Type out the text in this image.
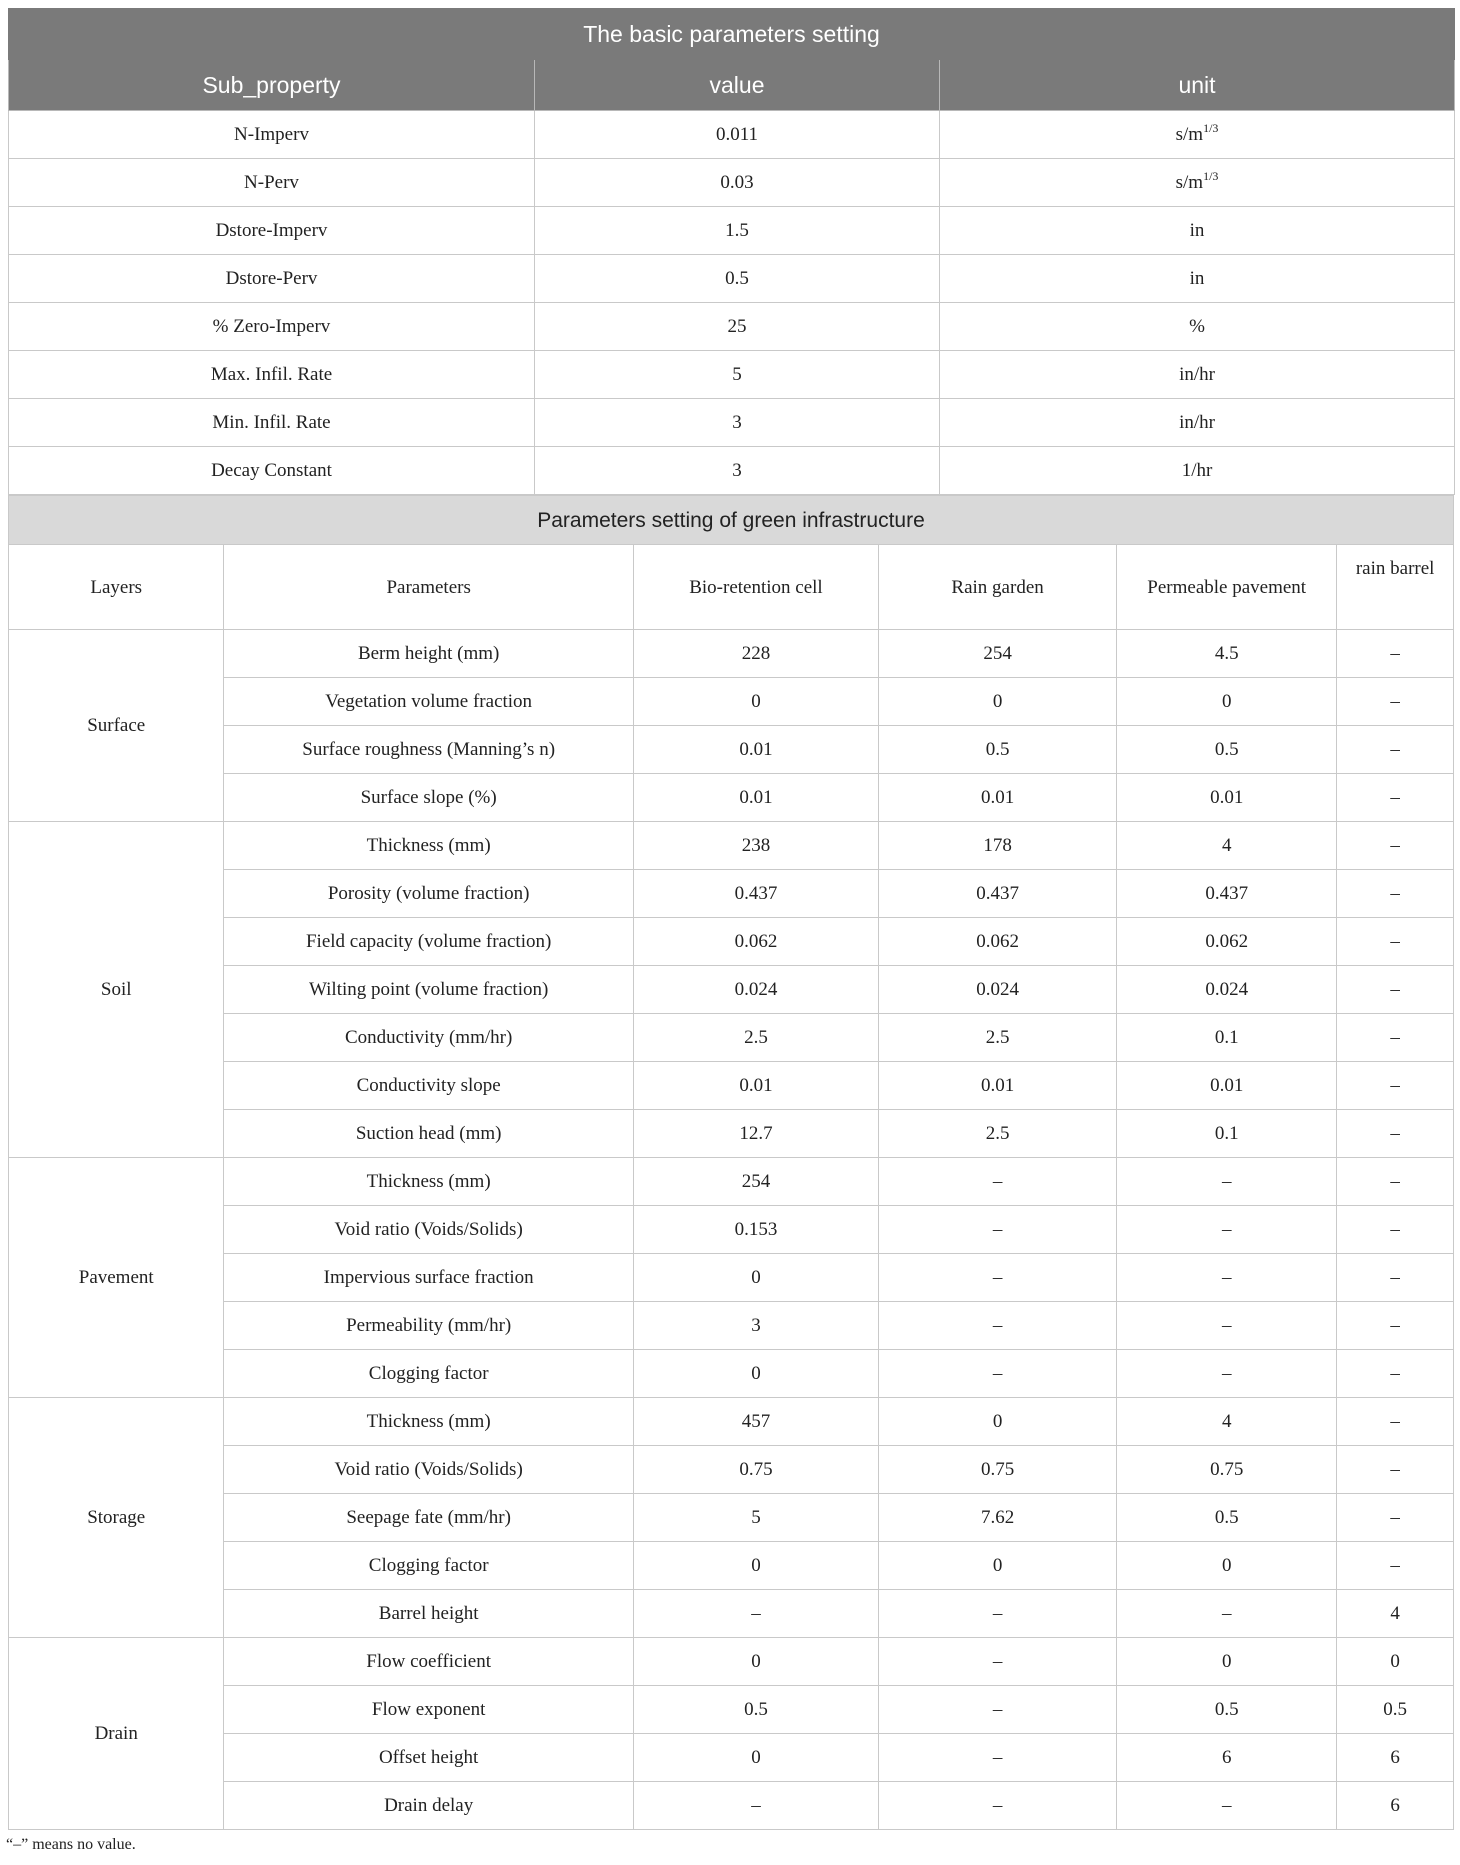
The basic parameters setting		
Sub_property	value	unit
N-Imperv	0.011	$s/m^{1/3}$
N-Perv	0.03	$s/m^{1/3}$
Dstore-Imperv	1.5	in
Dstore-Perv	0.5	in
% Zero-Imperv	25	%
Max. Infil. Rate	5	in/hr
Min. Infil. Rate	3	in/hr
Decay Constant	3	1/hr
Parameters setting of green infrastructure					
Layers	Parameters	Bio-retention cell	Rain garden	Permeable pavement	rain barrel
Surface	Berm height (mm)	228	254	4.5	–
	Vegetation volume fraction	0	0	0	–
	Surface roughness (Manning’s n)	0.01	0.5	0.5	–
	Surface slope (%)	0.01	0.01	0.01	–
Soil	Thickness (mm)	238	178	4	–
	Porosity (volume fraction)	0.437	0.437	0.437	–
	Field capacity (volume fraction)	0.062	0.062	0.062	–
	Wilting point (volume fraction)	0.024	0.024	0.024	–
	Conductivity (mm/hr)	2.5	2.5	0.1	–
	Conductivity slope	0.01	0.01	0.01	–
	Suction head (mm)	12.7	2.5	0.1	–
Pavement	Thickness (mm)	254	–	–	–
	Void ratio (Voids/Solids)	0.153	–	–	–
	Impervious surface fraction	0	–	–	–
	Permeability (mm/hr)	3	–	–	–
	Clogging factor	0	–	–	–
Storage	Thickness (mm)	457	0	4	–
	Void ratio (Voids/Solids)	0.75	0.75	0.75	–
	Seepage fate (mm/hr)	5	7.62	0.5	–
	Clogging factor	0	0	0	–
	Barrel height	–	–	–	4
Drain	Flow coefficient	0	–	0	0
	Flow exponent	0.5	–	0.5	0.5
	Offset height	0	–	6	6
	Drain delay	–	–	–	6
“–” means no value.
